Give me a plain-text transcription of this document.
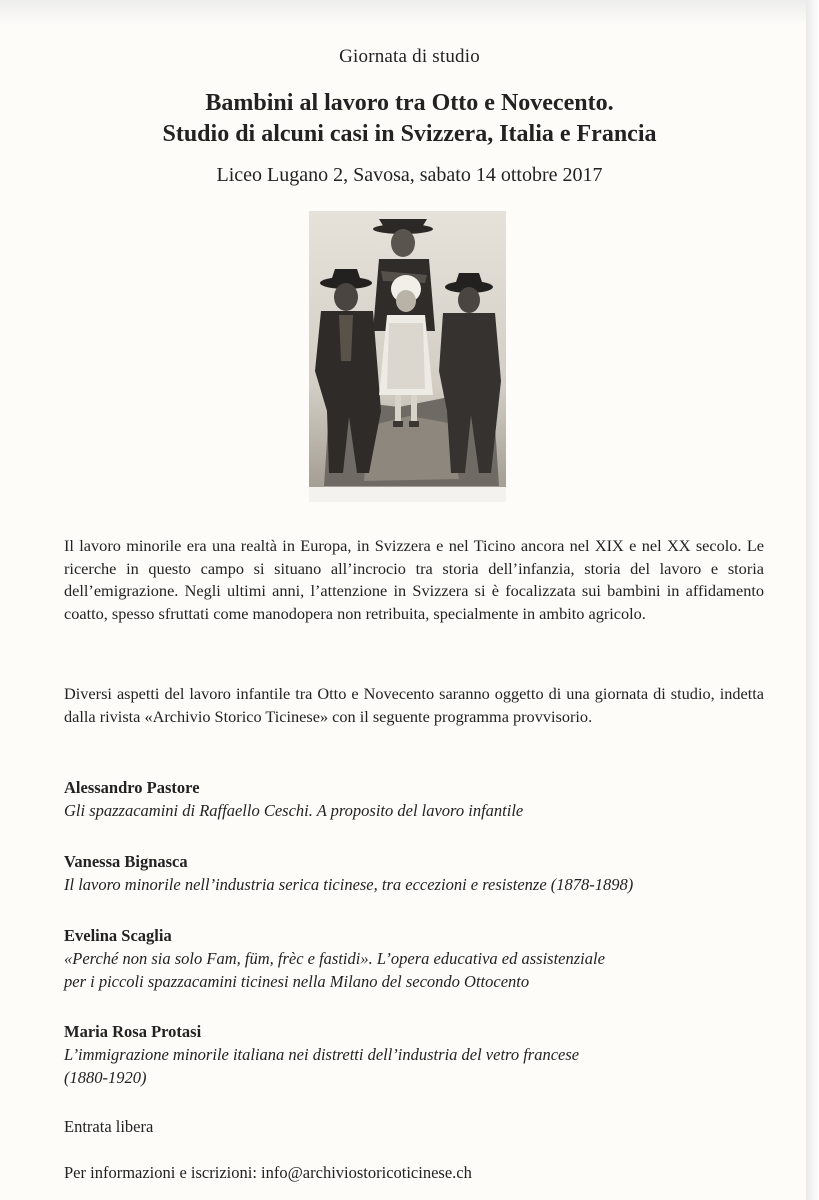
Giornata di studio
Bambini al lavoro tra Otto e Novecento.
Studio di alcuni casi in Svizzera, Italia e Francia
Liceo Lugano 2, Savosa, sabato 14 ottobre 2017

Il lavoro minorile era una realtà in Europa, in Svizzera e nel Ticino ancora nel XIX e nel XX secolo. Le ricerche in questo campo si situano all’incrocio tra storia dell’infanzia, storia del lavoro e storia dell’emigrazione. Negli ultimi anni, l’attenzione in Svizzera si è focalizzata sui bambini in affidamento coatto, spesso sfruttati come manodopera non retribuita, specialmente in ambito agricolo.

Diversi aspetti del lavoro infantile tra Otto e Novecento saranno oggetto di una giornata di studio, indetta dalla rivista «Archivio Storico Ticinese» con il seguente programma provvisorio.

Alessandro Pastore
Gli spazzacamini di Raffaello Ceschi. A proposito del lavoro infantile
Vanessa Bignasca
Il lavoro minorile nell’industria serica ticinese, tra eccezioni e resistenze (1878-1898)
Evelina Scaglia
«Perché non sia solo Fam, füm, frèc e fastidi». L’opera educativa ed assistenziale
per i piccoli spazzacamini ticinesi nella Milano del secondo Ottocento
Maria Rosa Protasi
L’immigrazione minorile italiana nei distretti dell’industria del vetro francese
(1880-1920)
Entrata libera
Per informazioni e iscrizioni: info@archiviostoricoticinese.ch
